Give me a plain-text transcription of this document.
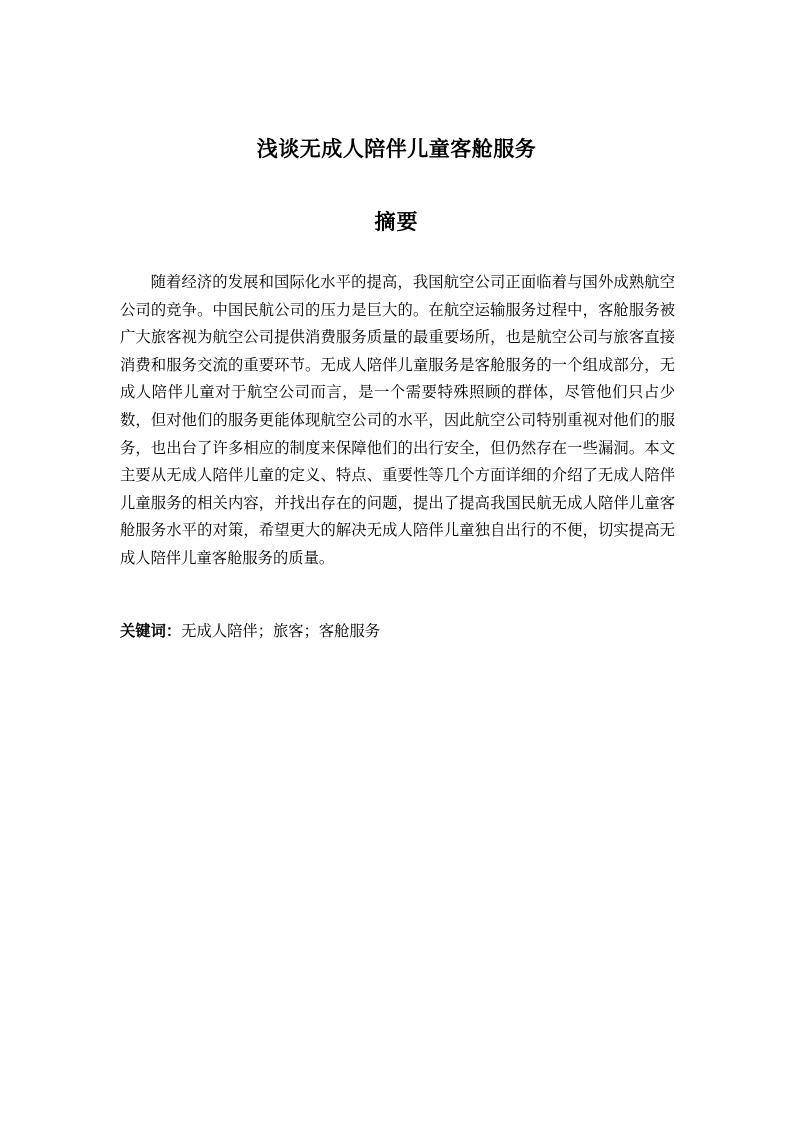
浅谈无成人陪伴儿童客舱服务
摘要

随着经济的发展和国际化水平的提高，我国航空公司正面临着与国外成熟航空公司的竞争。中国民航公司的压力是巨大的。在航空运输服务过程中，客舱服务被广大旅客视为航空公司提供消费服务质量的最重要场所，也是航空公司与旅客直接消费和服务交流的重要环节。无成人陪伴儿童服务是客舱服务的一个组成部分，无成人陪伴儿童对于航空公司而言，是一个需要特殊照顾的群体，尽管他们只占少数，但对他们的服务更能体现航空公司的水平，因此航空公司特别重视对他们的服务，也出台了许多相应的制度来保障他们的出行安全，但仍然存在一些漏洞。本文主要从无成人陪伴儿童的定义、特点、重要性等几个方面详细的介绍了无成人陪伴儿童服务的相关内容，并找出存在的问题，提出了提高我国民航无成人陪伴儿童客舱服务水平的对策，希望更大的解决无成人陪伴儿童独自出行的不便，切实提高无成人陪伴儿童客舱服务的质量。

关键词：无成人陪伴；旅客；客舱服务
